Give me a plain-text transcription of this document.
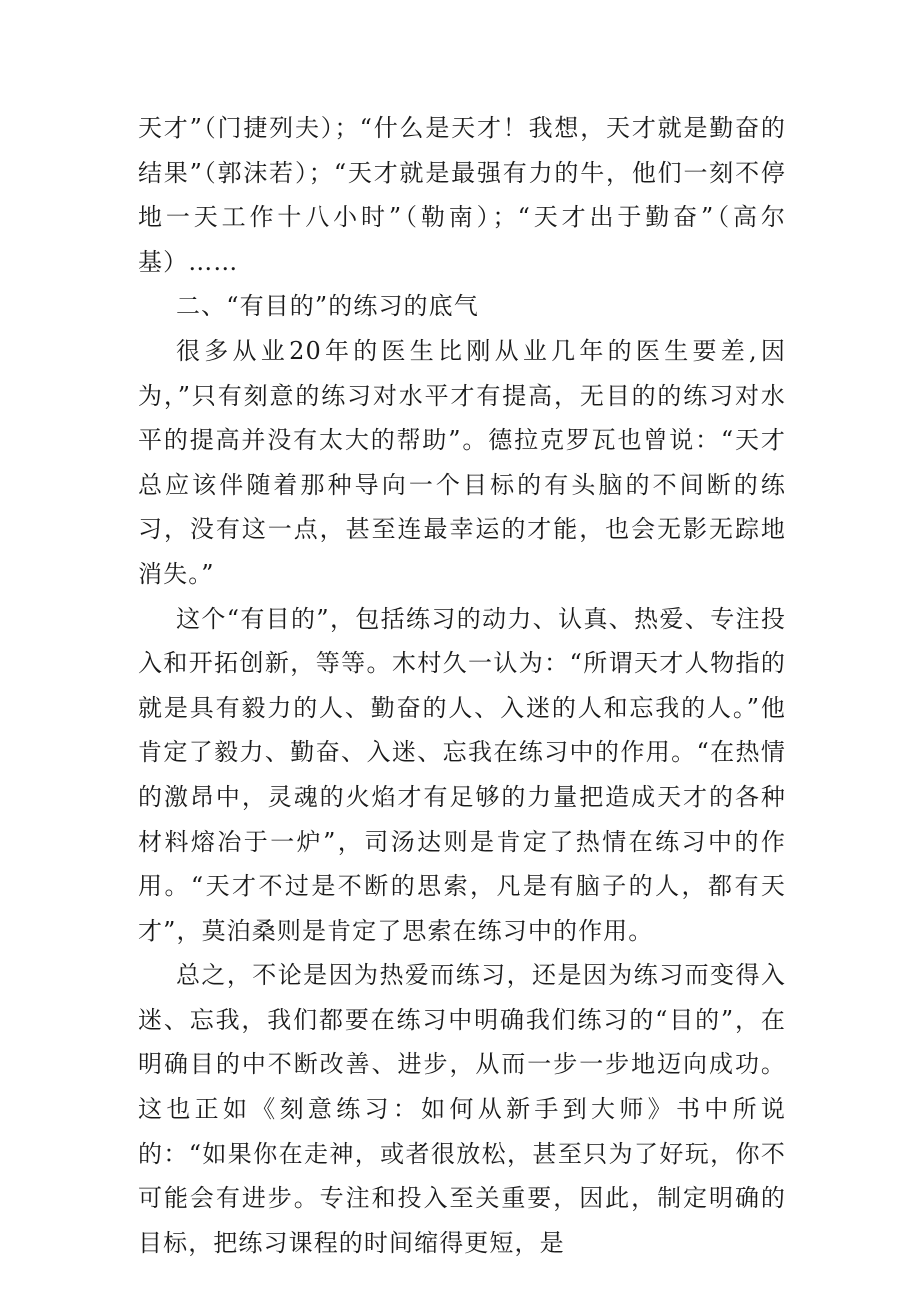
天才”（门捷列夫）；“什么是天才！我想，天才就是勤奋的结果”（郭沫若）；“天才就是最强有力的牛，他们一刻不停地一天工作十八小时”（勒南）；“天才出于勤奋”（高尔基）……

二、“有目的”的练习的底气

很多从业20年的医生比刚从业几年的医生要差,因为，”只有刻意的练习对水平才有提高，无目的的练习对水平的提高并没有太大的帮助”。德拉克罗瓦也曾说：“天才总应该伴随着那种导向一个目标的有头脑的不间断的练习，没有这一点，甚至连最幸运的才能，也会无影无踪地消失。”

这个“有目的”，包括练习的动力、认真、热爱、专注投入和开拓创新，等等。木村久一认为：“所谓天才人物指的就是具有毅力的人、勤奋的人、入迷的人和忘我的人。”他肯定了毅力、勤奋、入迷、忘我在练习中的作用。“在热情的激昂中，灵魂的火焰才有足够的力量把造成天才的各种材料熔冶于一炉”，司汤达则是肯定了热情在练习中的作用。“天才不过是不断的思索，凡是有脑子的人，都有天才”，莫泊桑则是肯定了思索在练习中的作用。

总之，不论是因为热爱而练习，还是因为练习而变得入迷、忘我，我们都要在练习中明确我们练习的“目的”，在明确目的中不断改善、进步，从而一步一步地迈向成功。这也正如《刻意练习：如何从新手到大师》书中所说的：“如果你在走神，或者很放松，甚至只为了好玩，你不可能会有进步。专注和投入至关重要，因此，制定明确的目标，把练习课程的时间缩得更短，是
